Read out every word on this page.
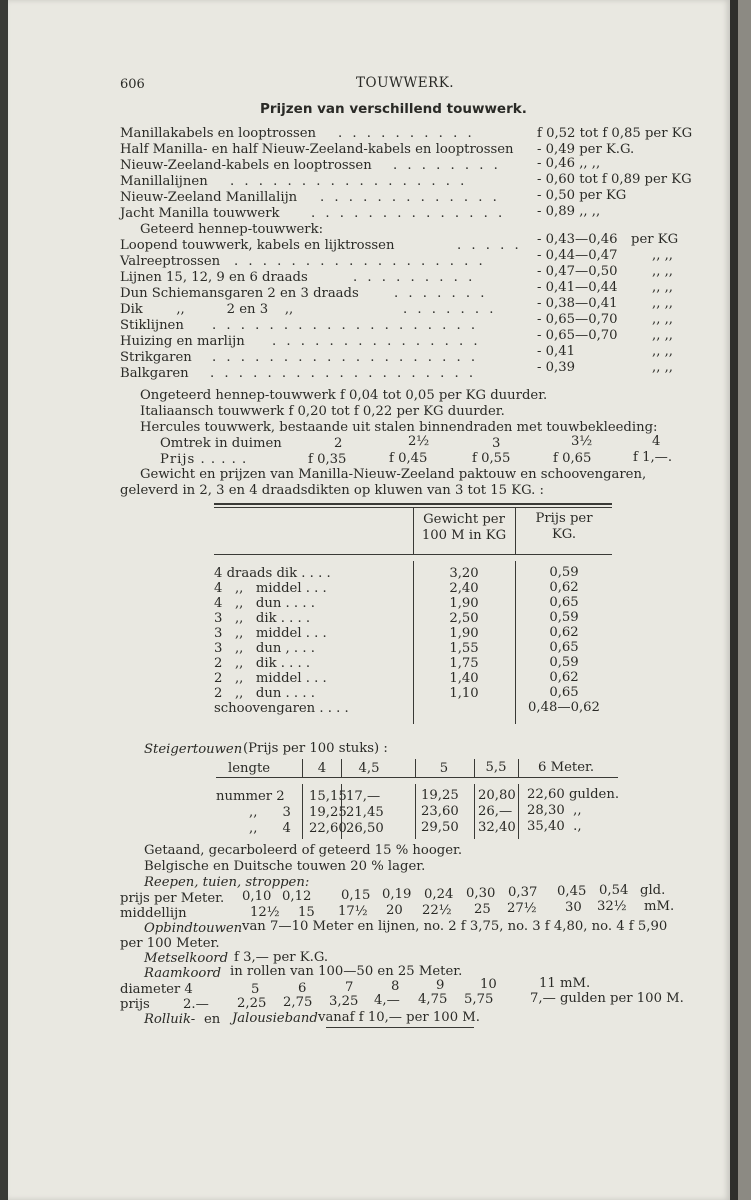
606	TOUWWERK.
Prijzen van verschillend touwwerk.
Manillakabels en looptrossen . . . . . . . . . .	f 0,52 tot f 0,85 per KG
Half Manilla- en half Nieuw-Zeeland-kabels en looptrossen - 0,49 per K.G.
Nieuw-Zeeland-kabels en looptrossen . . . . . . . .	- 0,46 ,, ,,
Manillalijnen . . . . . . . . . . . . . . . . .	- 0,60 tot f 0,89 per KG
Nieuw-Zeeland Manillalijn . . . . . . . . . . . . .	- 0,50 per KG
Jacht Manilla touwwerk . . . . . . . . . . . . . . - 0,89 ,, ,,
Geteerd hennep-touwwerk:
Loopend touwwerk, kabels en lijktrossen	. . . . . - 0,43—0,46 per KG
Valreeptrossen . . . . . . . . . . . . . . . . . .	- 0,44—0,47	,, ,,
Lijnen 15, 12, 9 en 6 draads	. . . . . . . . .	- 0,47—0,50	,, ,,
Dun Schiemansgaren 2 en 3 draads	. . . . . . .	- 0,41—0,44	,, ,,
Dik        ,,          2 en 3    ,,	. . . . . . .	- 0,38—0,41	,, ,,
Stiklijnen . . . . . . . . . . . . . . . . . . .	- 0,65—0,70	,, ,,
Huizing en marlijn . . . . . . . . . . . . . . .	- 0,65—0,70	,, ,,
Strikgaren . . . . . . . . . . . . . . . . . . .	- 0,41	,, ,,
Balkgaren . . . . . . . . . . . . . . . . . . .	- 0,39	,, ,,
Ongeteerd hennep-touwwerk f 0,04 tot 0,05 per KG duurder.
Italiaansch touwwerk f 0,20 tot f 0,22 per KG duurder.
Hercules touwwerk, bestaande uit stalen binnendraden met touwbekleeding:
Omtrek in duimen	2	2½	3	3½	4
Prijs . . . . .	f 0,35	f 0,45	f 0,55	f 0,65	f 1,—.
Gewicht en prijzen van Manilla-Nieuw-Zeeland paktouw en schoovengaren,
geleverd in 2, 3 en 4 draadsdikten op kluwen van 3 tot 15 KG. :
Gewicht per
100 M in KG
Prijs per
KG.
4 draads dik . . . .	3,20	0,59
4   ,,   middel . . .	2,40	0,62
4   ,,   dun . . . .	1,90	0,65
3   ,,   dik . . . .	2,50	0,59
3   ,,   middel . . .	1,90	0,62
3   ,,   dun , . . .	1,55	0,65
2   ,,   dik . . . .	1,75	0,59
2   ,,   middel . . .	1,40	0,62
2   ,,   dun . . . .	1,10	0,65
schoovengaren . . . .	0,48—0,62
Steigertouwen (Prijs per 100 stuks) :
lengte	4	4,5	5	5,5	6 Meter.
nummer 2 15,15 17,—	19,25 20,80 22,60 gulden.
,,      3 19,25 21,45	23,60 26,— 28,30  ,,
,,      4 22,60 26,50	29,50 32,40 35,40  .,
Getaand, gecarboleerd of geteerd 15 % hooger.
Belgische en Duitsche touwen 20 % lager.
Reepen, tuien, stroppen:
prijs per Meter. 0,10 0,12 0,15 0,19 0,24 0,30 0,37 0,45 0,54 gld.
middellijn	12½ 15 17½ 20 22½ 25 27½ 30 32½ mM.
Opbindtouwen van 7—10 Meter en lijnen, no. 2 f 3,75, no. 3 f 4,80, no. 4 f 5,90
per 100 Meter.
Metselkoord f 3,— per K.G.
Raamkoord in rollen van 100—50 en 25 Meter.
diameter 4	5	6	7	8	9	10	11 mM.
prijs	2.— 2,25 2,75 3,25 4,— 4,75 5,75	7,— gulden per 100 M.
Rolluik- en Jalousieband vanaf f 10,— per 100 M.
